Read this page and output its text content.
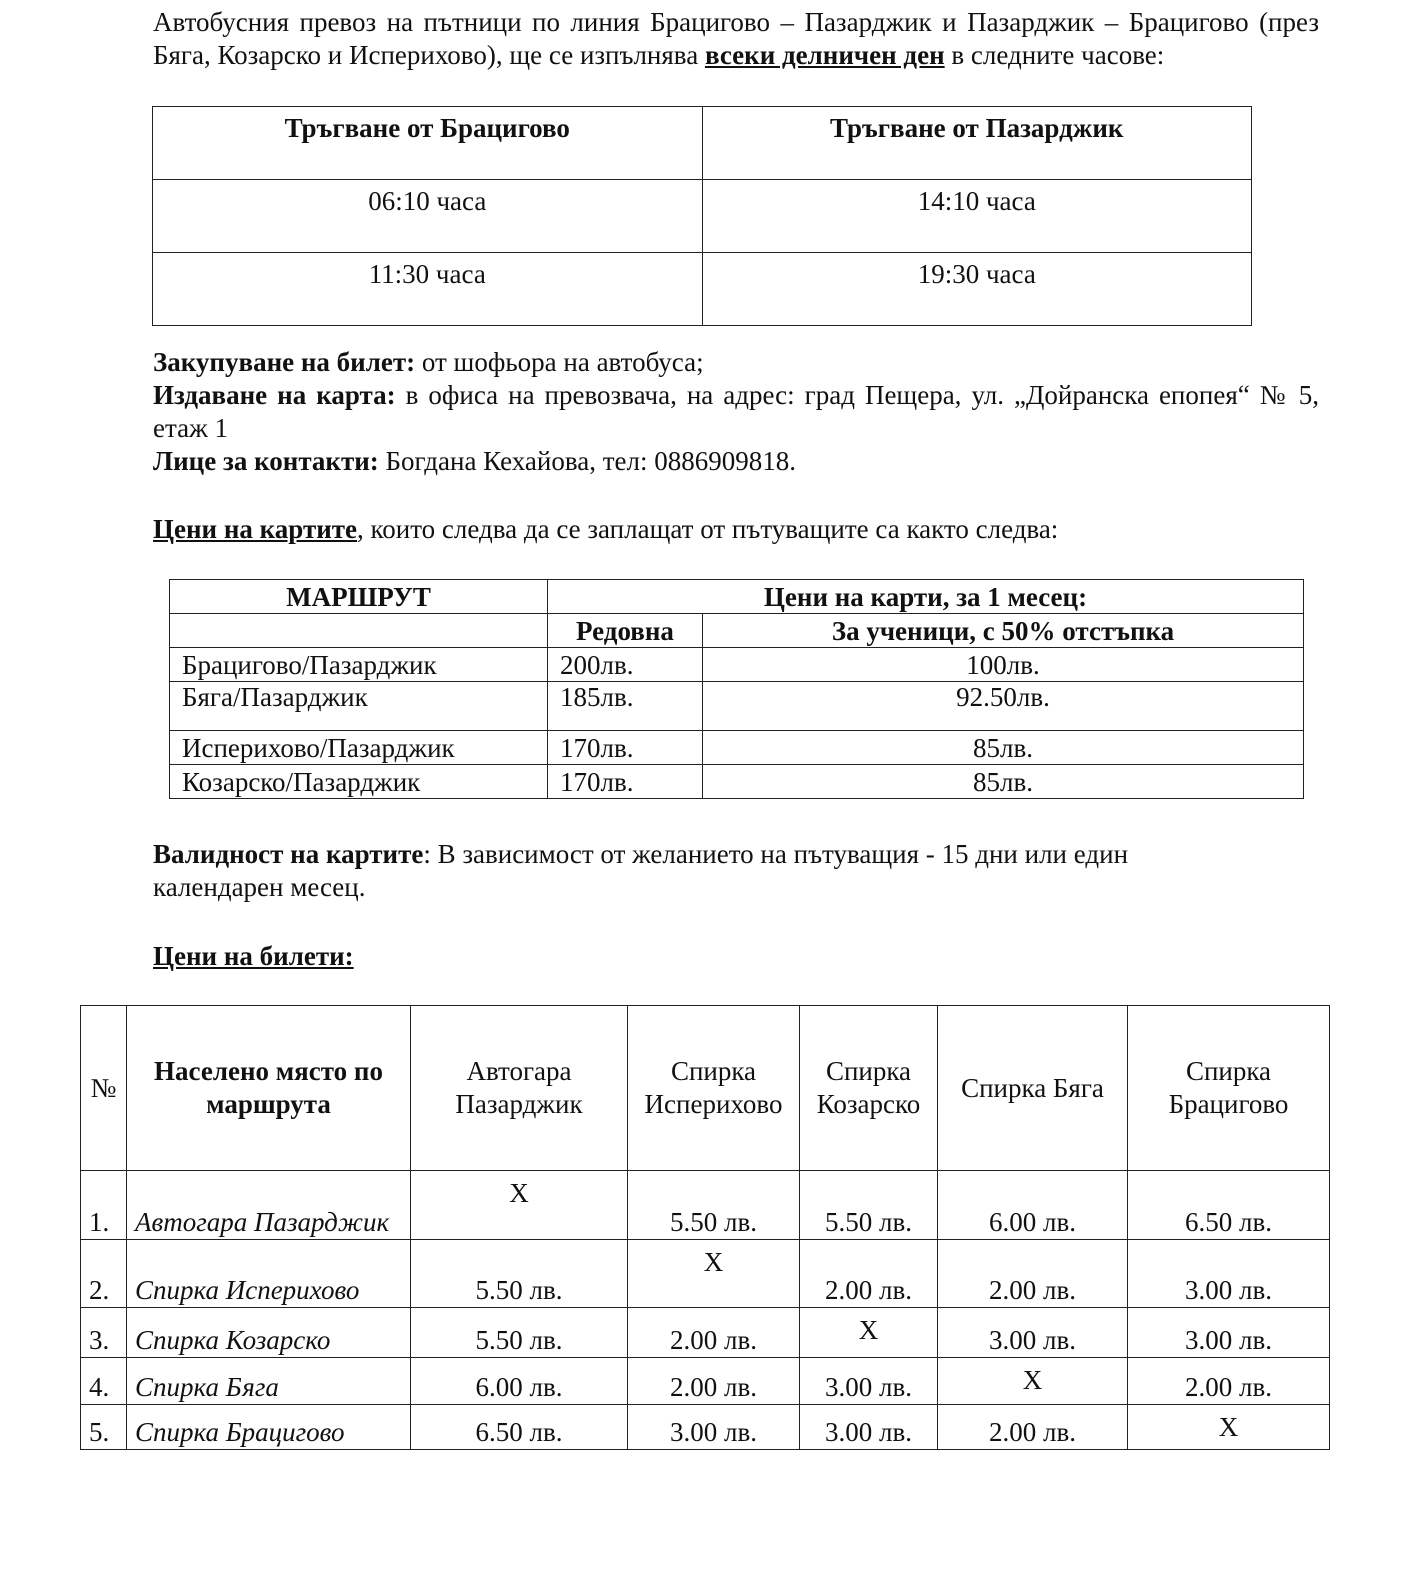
Автобусния превоз на пътници по линия Брацигово – Пазарджик и Пазарджик – Брацигово (през Бяга, Козарско и Исперихово), ще се изпълнява всеки делничен ден в следните часове:
Тръгване от Брацигово	Тръгване от Пазарджик
06:10 часа	14:10 часа
11:30 часа	19:30 часа
Закупуване на билет: от шофьора на автобуса;
Издаване на карта: в офиса на превозвача, на адрес: град Пещера, ул. „Дойранска епопея“ № 5, етаж 1
Лице за контакти: Богдана Кехайова, тел: 0886909818.
Цени на картите, които следва да се заплащат от пътуващите са както следва:
МАРШРУТ	Цени на карти, за 1 месец:	
	Редовна	За ученици, с 50% отстъпка
Брацигово/Пазарджик	200лв.	100лв.
Бяга/Пазарджик	185лв.	92.50лв.
Исперихово/Пазарджик	170лв.	85лв.
Козарско/Пазарджик	170лв.	85лв.
Валидност на картите: В зависимост от желанието на пътуващия - 15 дни или един календарен месец.
Цени на билети:
№	Населено място по маршрута	Автогара Пазарджик	Спирка Исперихово	Спирка Козарско	Спирка Бяга	Спирка Брацигово
1.	Автогара Пазарджик	X	5.50 лв.	5.50 лв.	6.00 лв.	6.50 лв.
2.	Спирка Исперихово	5.50 лв.	X	2.00 лв.	2.00 лв.	3.00 лв.
3.	Спирка Козарско	5.50 лв.	2.00 лв.	X	3.00 лв.	3.00 лв.
4.	Спирка Бяга	6.00 лв.	2.00 лв.	3.00 лв.	X	2.00 лв.
5.	Спирка Брацигово	6.50 лв.	3.00 лв.	3.00 лв.	2.00 лв.	X
